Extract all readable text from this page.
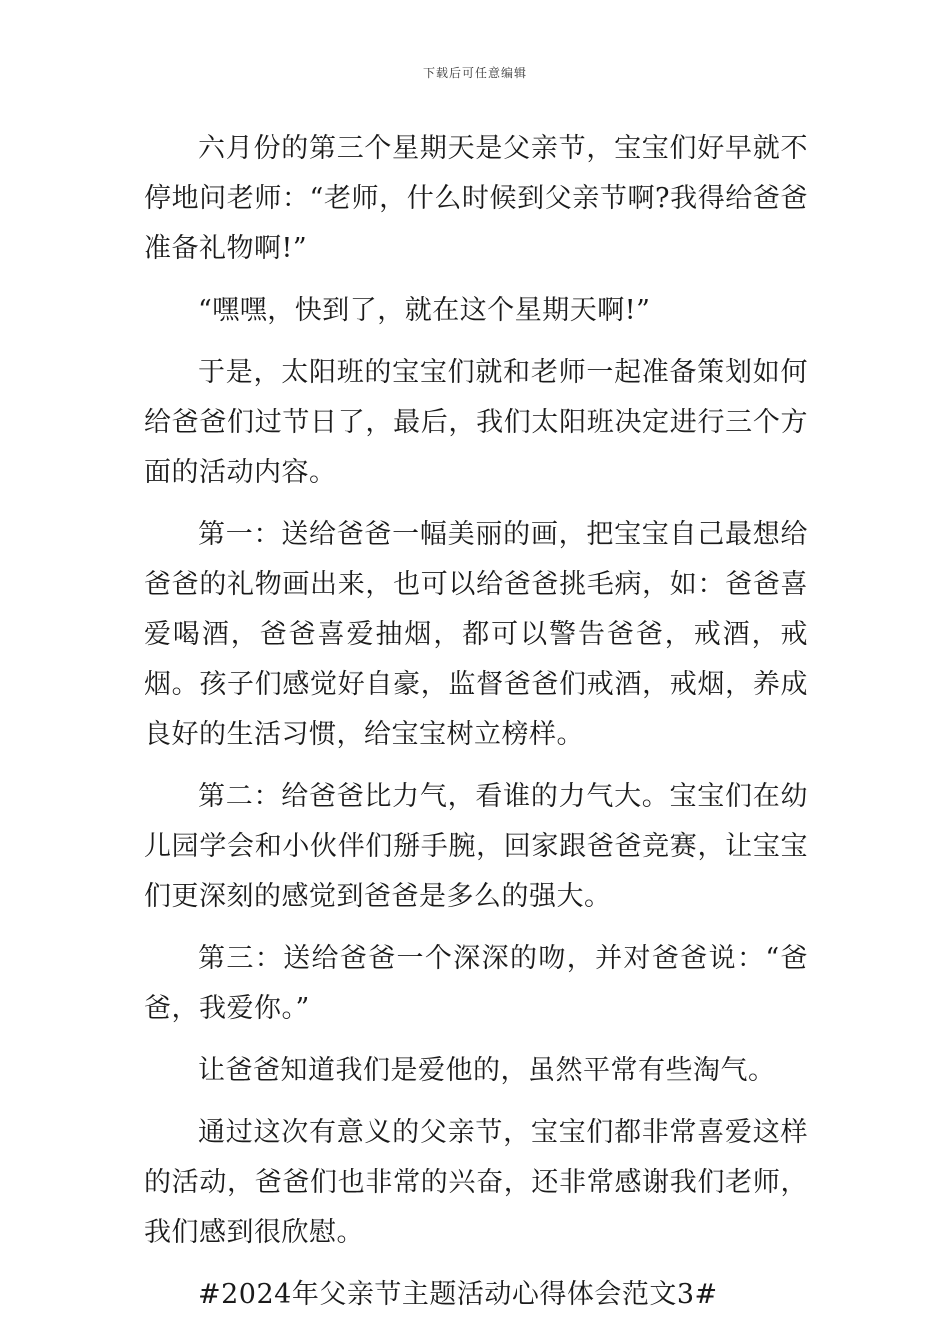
下载后可任意编辑

六月份的第三个星期天是父亲节，宝宝们好早就不停地问老师：“老师，什么时候到父亲节啊?我得给爸爸准备礼物啊!”

“嘿嘿，快到了，就在这个星期天啊!”

于是，太阳班的宝宝们就和老师一起准备策划如何给爸爸们过节日了，最后，我们太阳班决定进行三个方面的活动内容。

第一：送给爸爸一幅美丽的画，把宝宝自己最想给爸爸的礼物画出来，也可以给爸爸挑毛病，如：爸爸喜爱喝酒，爸爸喜爱抽烟，都可以警告爸爸，戒酒，戒烟。孩子们感觉好自豪，监督爸爸们戒酒，戒烟，养成良好的生活习惯，给宝宝树立榜样。

第二：给爸爸比力气，看谁的力气大。宝宝们在幼儿园学会和小伙伴们掰手腕，回家跟爸爸竞赛，让宝宝们更深刻的感觉到爸爸是多么的强大。

第三：送给爸爸一个深深的吻，并对爸爸说：“爸爸，我爱你。”

让爸爸知道我们是爱他的，虽然平常有些淘气。

通过这次有意义的父亲节，宝宝们都非常喜爱这样的活动，爸爸们也非常的兴奋，还非常感谢我们老师，我们感到很欣慰。

#2024年父亲节主题活动心得体会范文3#
